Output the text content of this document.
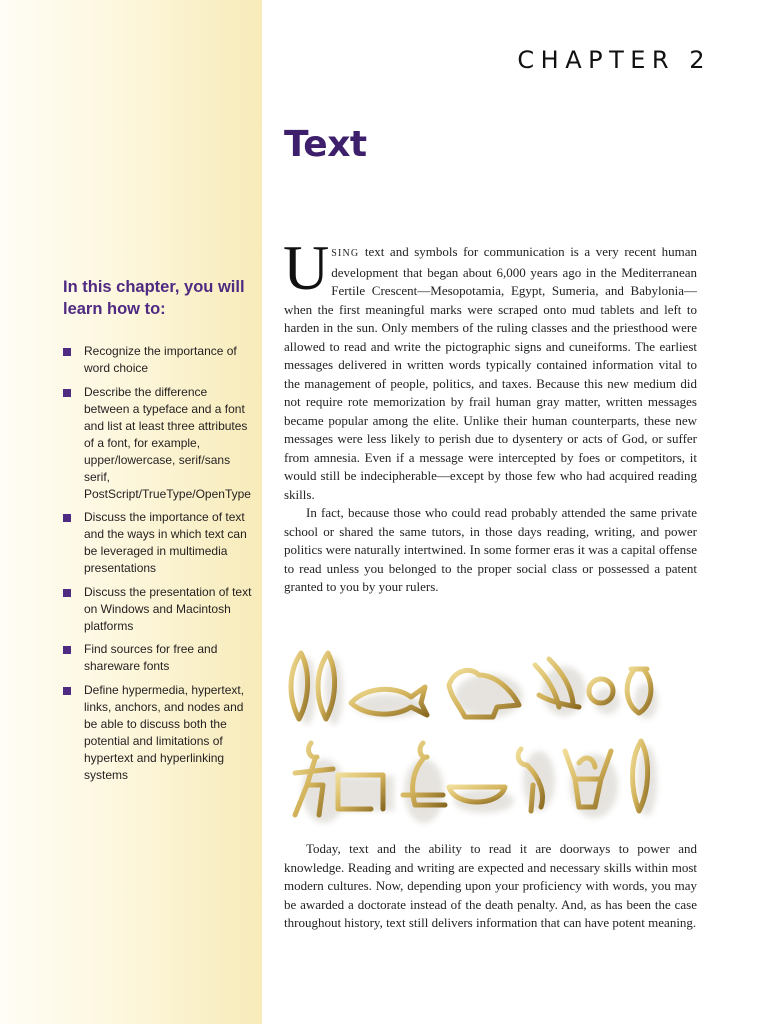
In this chapter, you will learn how to:
Recognize the importance of word choice
Describe the difference between a typeface and a font and list at least three attributes of a font, for example, upper/lowercase, serif/sans serif, PostScript/TrueType/OpenType
Discuss the importance of text and the ways in which text can be leveraged in multimedia presentations
Discuss the presentation of text on Windows and Macintosh platforms
Find sources for free and shareware fonts
Define hypermedia, hypertext, links, anchors, and nodes and be able to discuss both the potential and limitations of hypertext and hyperlinking systems
CHAPTER 2
Text

USING text and symbols for communication is a very recent human development that began about 6,000 years ago in the Mediterranean Fertile Crescent—Mesopotamia, Egypt, Sumeria, and Babylonia—when the first meaningful marks were scraped onto mud tablets and left to harden in the sun. Only members of the ruling classes and the priesthood were allowed to read and write the pictographic signs and cuneiforms. The earliest messages delivered in written words typically contained information vital to the management of people, politics, and taxes. Because this new medium did not require rote memorization by frail human gray matter, written messages became popular among the elite. Unlike their human counterparts, these new messages were less likely to perish due to dysentery or acts of God, or suffer from amnesia. Even if a message were intercepted by foes or competitors, it would still be indecipherable—except by those few who had acquired reading skills.

In fact, because those who could read probably attended the same private school or shared the same tutors, in those days reading, writing, and power politics were naturally intertwined. In some former eras it was a capital offense to read unless you belonged to the proper social class or possessed a patent granted to you by your rulers.

Today, text and the ability to read it are doorways to power and knowledge. Reading and writing are expected and necessary skills within most modern cultures. Now, depending upon your proficiency with words, you may be awarded a doctorate instead of the death penalty. And, as has been the case throughout history, text still delivers information that can have potent meaning.
